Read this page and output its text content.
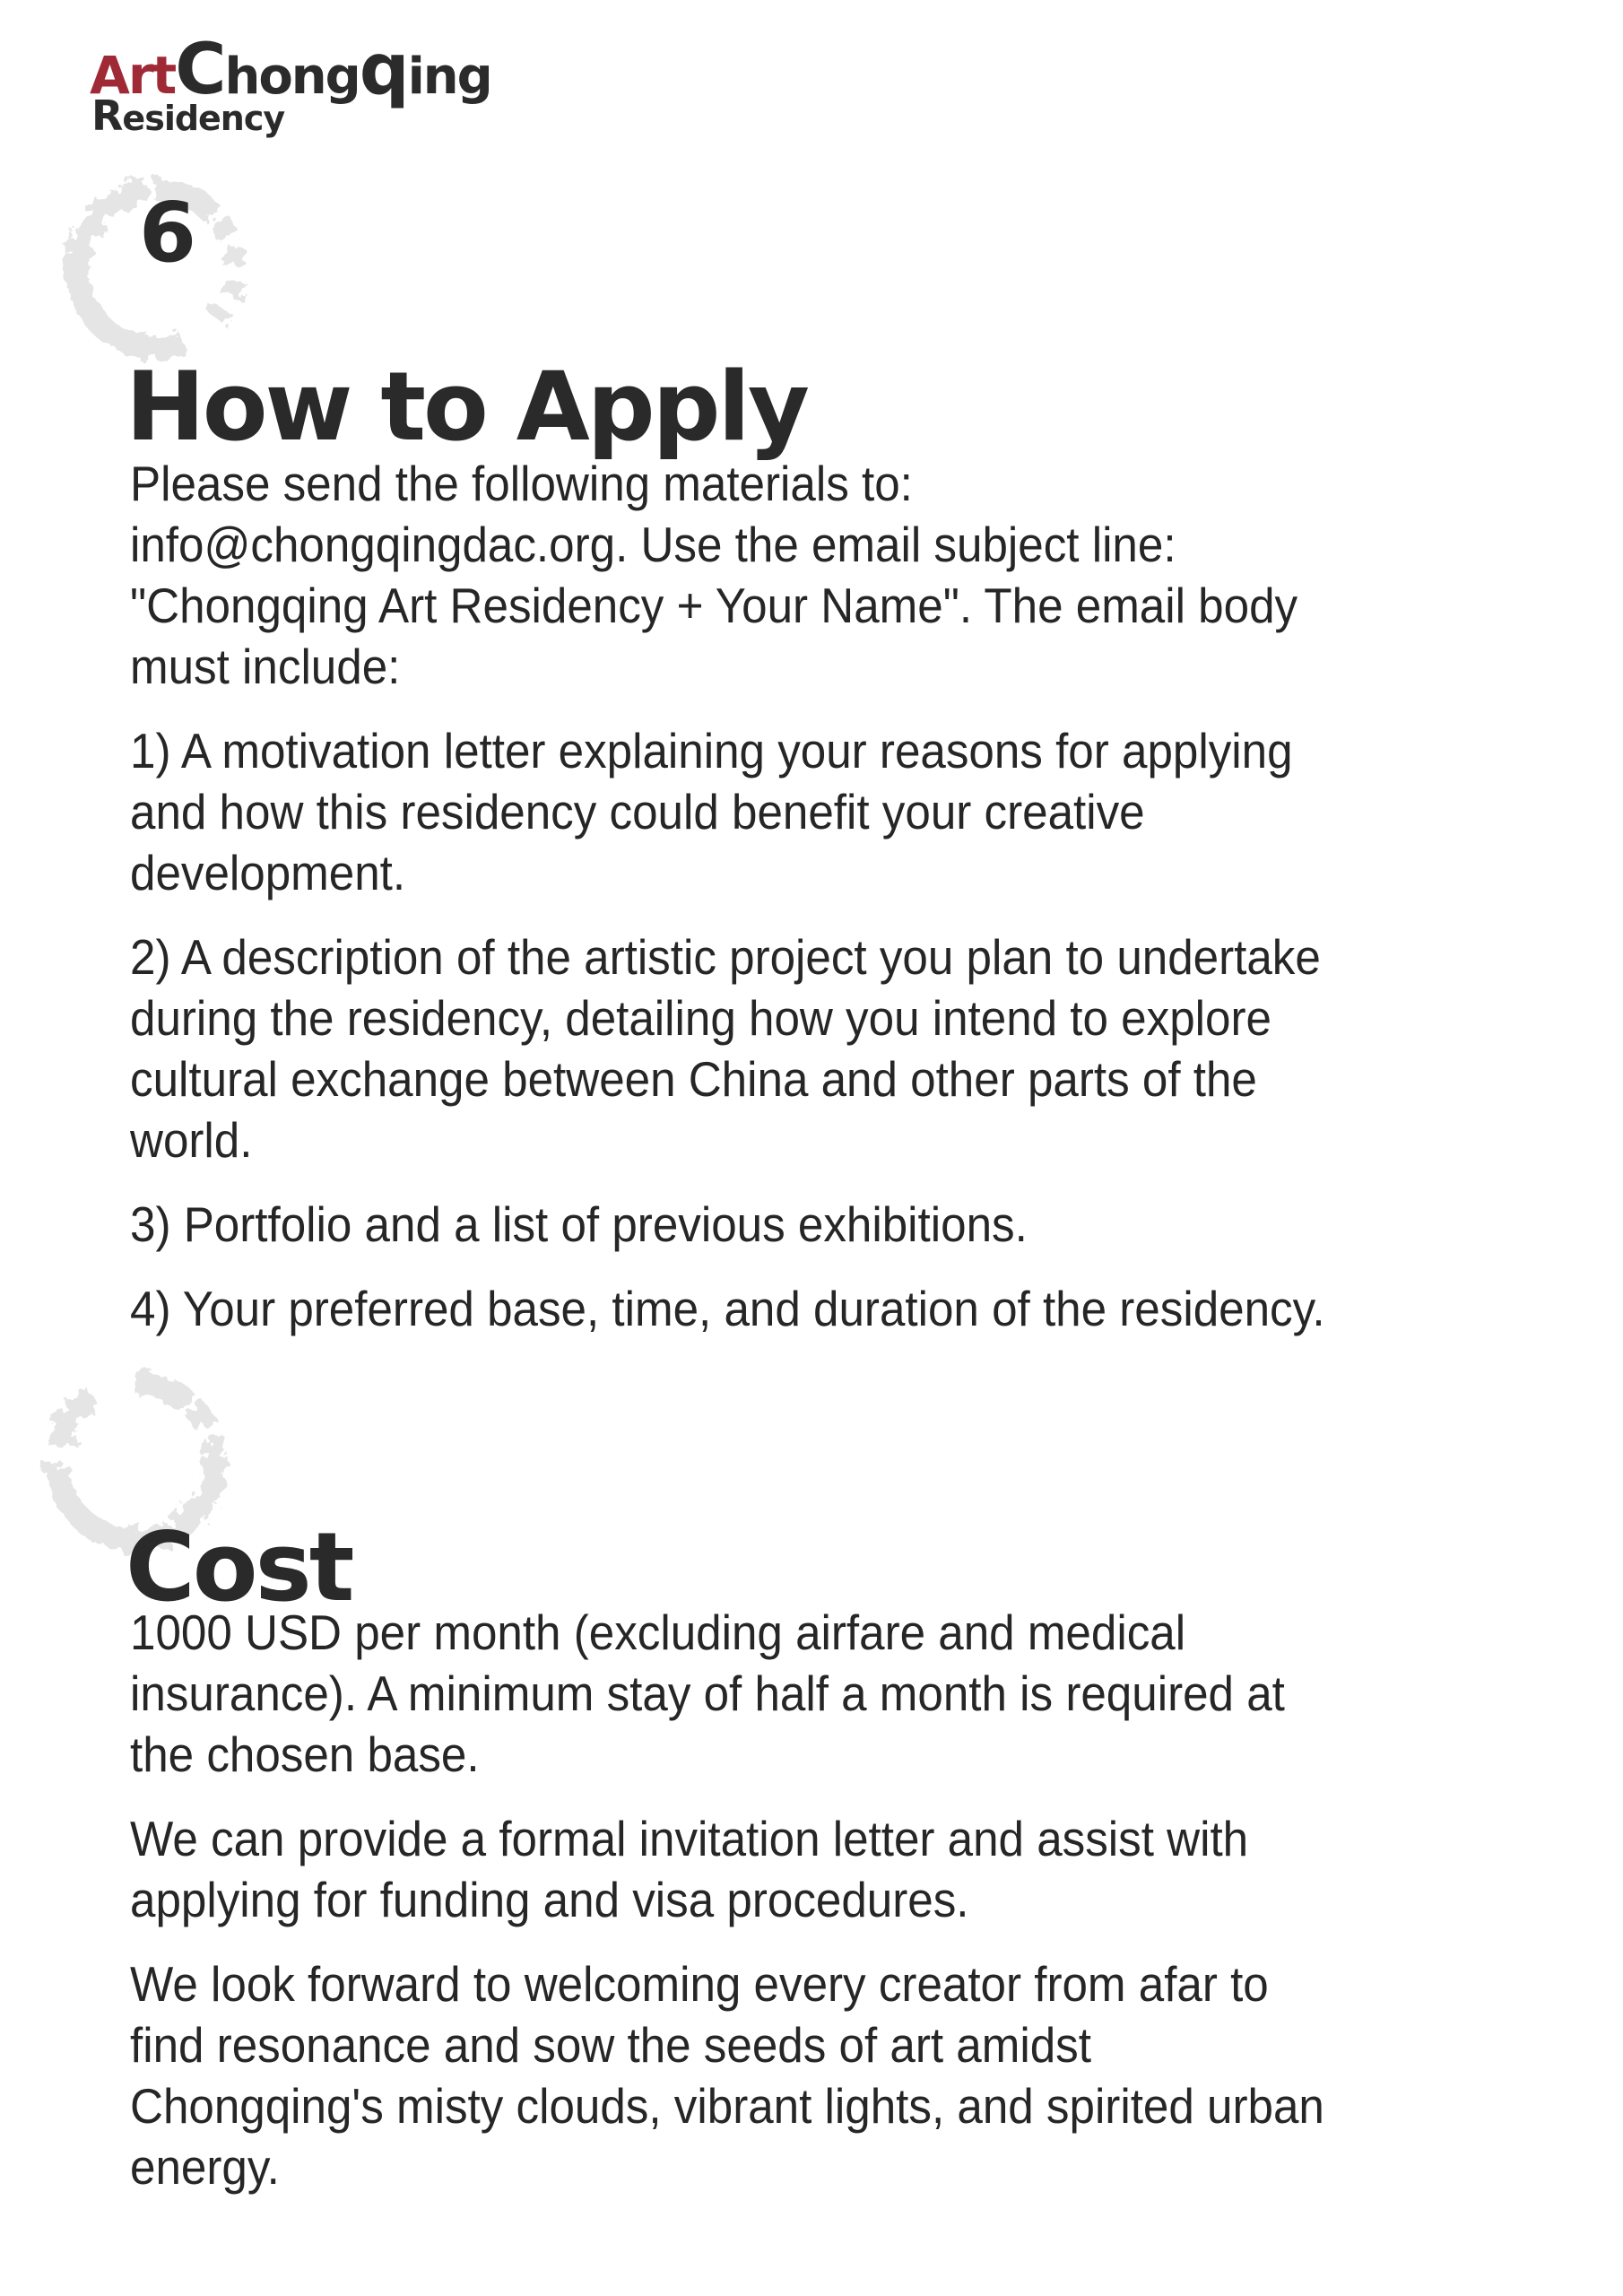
Art C hong q ing
R esidency
6
How to Apply
Please send the following materials to:
info@chongqingdac.org. Use the email subject line:
"Chongqing Art Residency + Your Name". The email body
must include:
1) A motivation letter explaining your reasons for applying
and how this residency could benefit your creative
development.
2) A description of the artistic project you plan to undertake
during the residency, detailing how you intend to explore
cultural exchange between China and other parts of the
world.
3) Portfolio and a list of previous exhibitions.
4) Your preferred base, time, and duration of the residency.
Cost
1000 USD per month (excluding airfare and medical
insurance). A minimum stay of half a month is required at
the chosen base.
We can provide a formal invitation letter and assist with
applying for funding and visa procedures.
We look forward to welcoming every creator from afar to
find resonance and sow the seeds of art amidst
Chongqing's misty clouds, vibrant lights, and spirited urban
energy.
